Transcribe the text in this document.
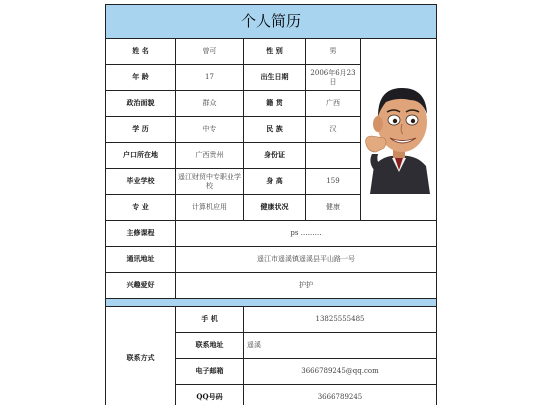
个人简历				
姓 名	曾可	性 别	男	

年 龄	17	出生日期	2006年6月23日	
政治面貌	群众	籍 贯	广西	
学 历	中专	民 族	汉	
户口所在地	广西贵州	身份证		
毕业学校	遥江财贸中专职业学校	身 高	159	
专 业	计算机应用	健康状况	健康	
主修课程	ps ………			
通讯地址	遥江市遥溪镇遥溪县平山路一号			
兴趣爱好	护护			

联系方式	手 机	13825555485		
	联系地址	遥溪		
	电子邮箱	3666789245@qq.com		
	QQ号码	3666789245		
